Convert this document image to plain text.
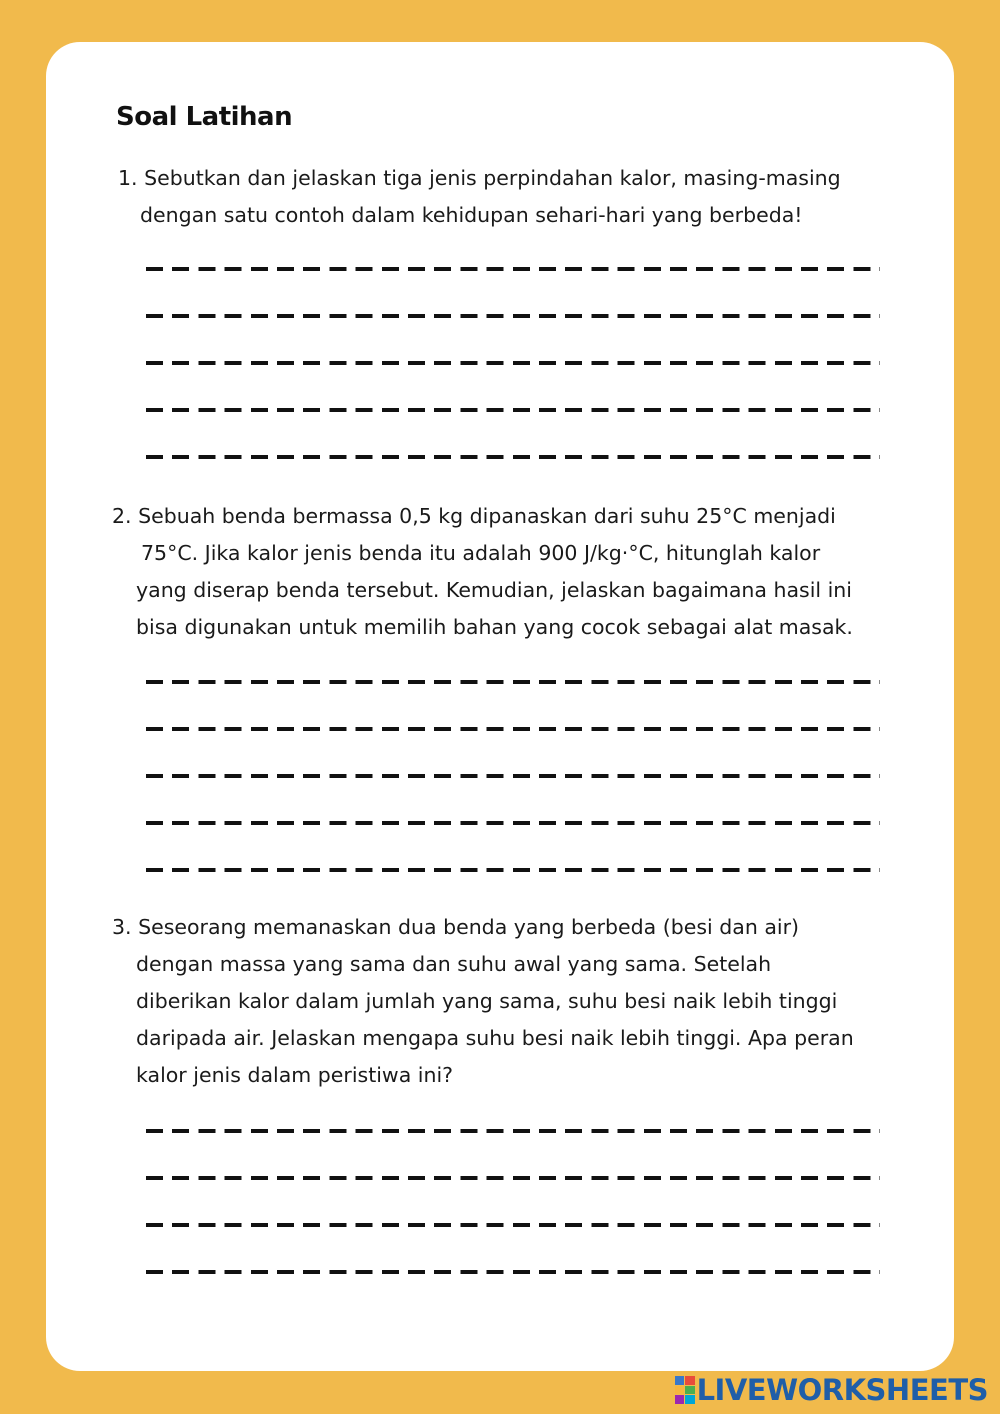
Soal Latihan
1. Sebutkan dan jelaskan tiga jenis perpindahan kalor, masing-masing
dengan satu contoh dalam kehidupan sehari-hari yang berbeda!
2. Sebuah benda bermassa 0,5 kg dipanaskan dari suhu 25°C menjadi
75°C. Jika kalor jenis benda itu adalah 900 J/kg·°C, hitunglah kalor
yang diserap benda tersebut. Kemudian, jelaskan bagaimana hasil ini
bisa digunakan untuk memilih bahan yang cocok sebagai alat masak.
3. Seseorang memanaskan dua benda yang berbeda (besi dan air)
dengan massa yang sama dan suhu awal yang sama. Setelah
diberikan kalor dalam jumlah yang sama, suhu besi naik lebih tinggi
daripada air. Jelaskan mengapa suhu besi naik lebih tinggi. Apa peran
kalor jenis dalam peristiwa ini?
LIVEWORKSHEETS
